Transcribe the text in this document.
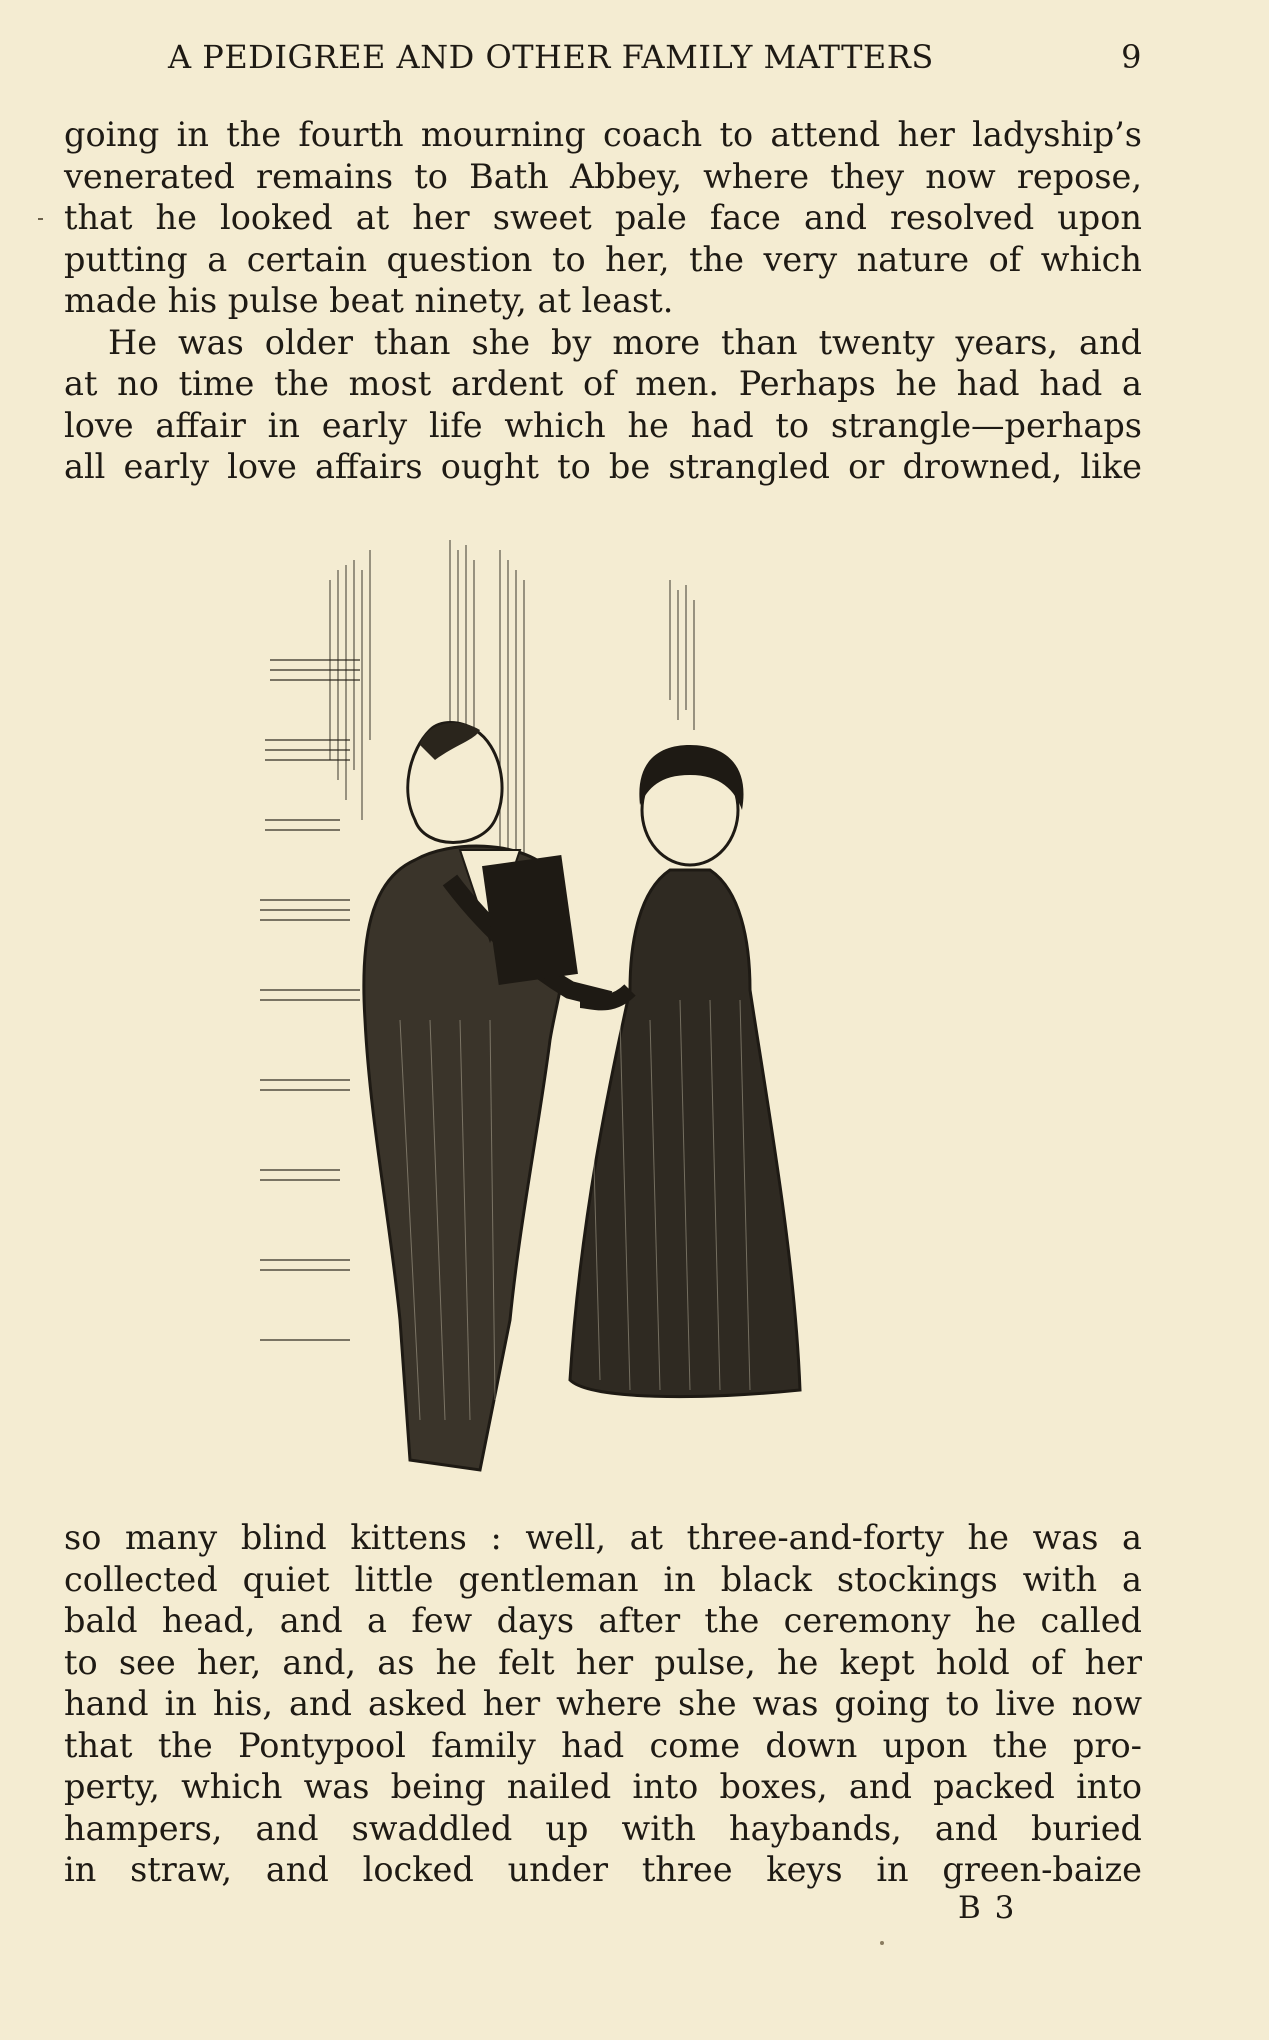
A PEDIGREE AND OTHER FAMILY MATTERS	9
going in the fourth mourning coach to attend her ladyship’s
venerated remains to Bath Abbey, where they now repose,
that he looked at her sweet pale face and resolved upon
putting a certain question to her, the very nature of which
made his pulse beat ninety, at least.
He was older than she by more than twenty years, and
at no time the most ardent of men. Perhaps he had had a
love affair in early life which he had to strangle—perhaps
all early love affairs ought to be strangled or drowned, like
so many blind kittens : well, at three-and-forty he was a
collected quiet little gentleman in black stockings with a
bald head, and a few days after the ceremony he called
to see her, and, as he felt her pulse, he kept hold of her
hand in his, and asked her where she was going to live now
that the Pontypool family had come down upon the pro-
perty, which was being nailed into boxes, and packed into
hampers, and swaddled up with haybands, and buried
in straw, and locked under three keys in green-baize
B 3
